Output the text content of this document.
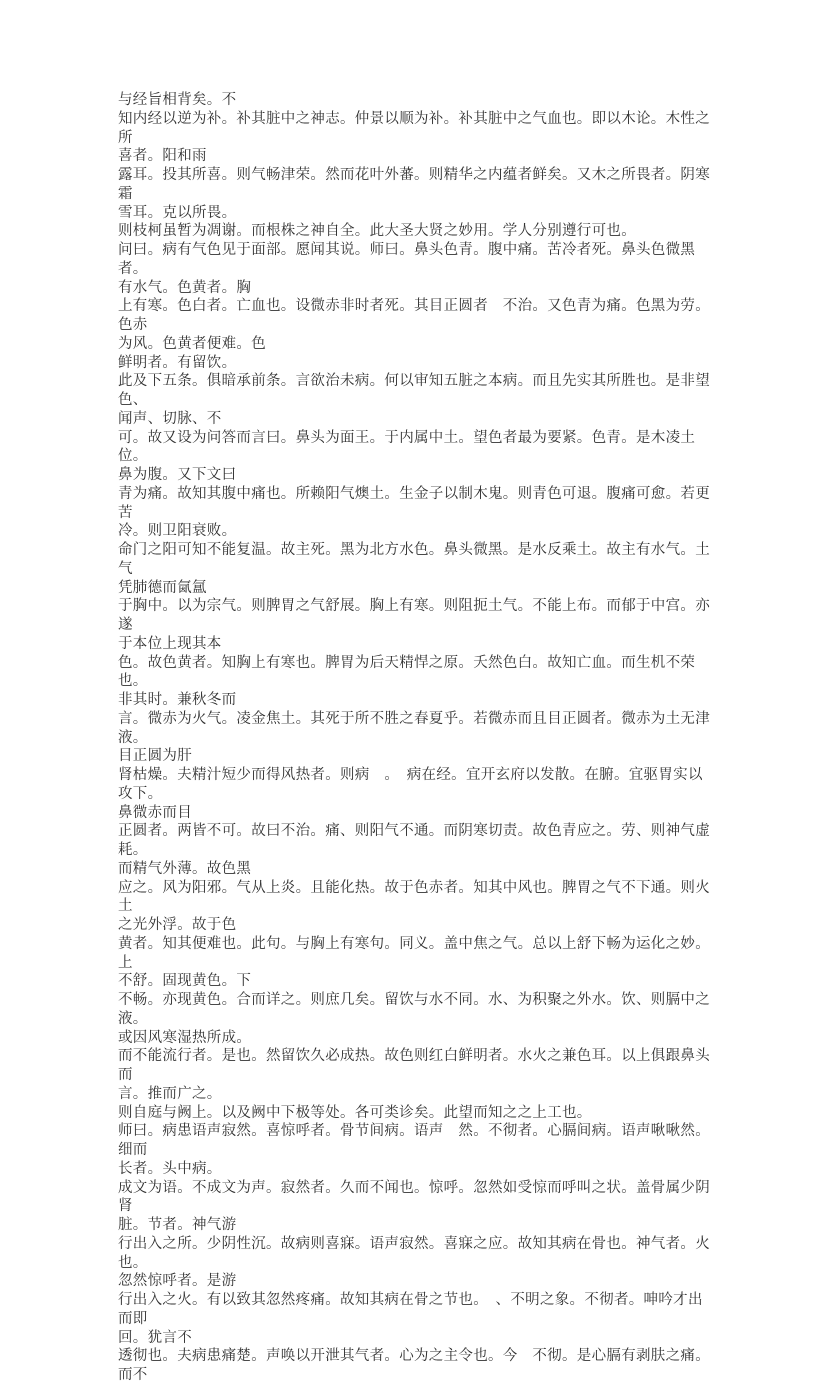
与经旨相背矣。不
知内经以逆为补。补其脏中之神志。仲景以顺为补。补其脏中之气血也。即以木论。木性之所
喜者。阳和雨
露耳。投其所喜。则气畅津荣。然而花叶外蕃。则精华之内蕴者鲜矣。又木之所畏者。阴寒霜
雪耳。克以所畏。
则枝柯虽暂为凋谢。而根株之神自全。此大圣大贤之妙用。学人分别遵行可也。
问曰。病有气色见于面部。愿闻其说。师曰。鼻头色青。腹中痛。苦冷者死。鼻头色微黑者。
有水气。色黄者。胸
上有寒。色白者。亡血也。设微赤非时者死。其目正圆者　不治。又色青为痛。色黑为劳。色赤
为风。色黄者便难。色
鲜明者。有留饮。
此及下五条。俱暗承前条。言欲治未病。何以审知五脏之本病。而且先实其所胜也。是非望色、
闻声、切脉、不
可。故又设为问答而言曰。鼻头为面王。于内属中土。望色者最为要紧。色青。是木凌土位。
鼻为腹。又下文曰
青为痛。故知其腹中痛也。所赖阳气燠土。生金子以制木鬼。则青色可退。腹痛可愈。若更苦
冷。则卫阳衰败。
命门之阳可知不能复温。故主死。黑为北方水色。鼻头微黑。是水反乘土。故主有水气。土气
凭肺德而氤氲
于胸中。以为宗气。则脾胃之气舒展。胸上有寒。则阻扼土气。不能上布。而郁于中宫。亦遂
于本位上现其本
色。故色黄者。知胸上有寒也。脾胃为后天精悍之原。夭然色白。故知亡血。而生机不荣也。
非其时。兼秋冬而
言。微赤为火气。凌金焦土。其死于所不胜之春夏乎。若微赤而且目正圆者。微赤为土无津液。
目正圆为肝
肾枯燥。夫精汁短少而得风热者。则病　。　病在经。宜开玄府以发散。在腑。宜驱胃实以攻下。
鼻微赤而目
正圆者。两皆不可。故曰不治。痛、则阳气不通。而阴寒切责。故色青应之。劳、则神气虚耗。
而精气外薄。故色黑
应之。风为阳邪。气从上炎。且能化热。故于色赤者。知其中风也。脾胃之气不下通。则火土
之光外浮。故于色
黄者。知其便难也。此句。与胸上有寒句。同义。盖中焦之气。总以上舒下畅为运化之妙。上
不舒。固现黄色。下
不畅。亦现黄色。合而详之。则庶几矣。留饮与水不同。水、为积聚之外水。饮、则膈中之液。
或因风寒湿热所成。
而不能流行者。是也。然留饮久必成热。故色则红白鲜明者。水火之兼色耳。以上俱跟鼻头而
言。推而广之。
则自庭与阙上。以及阙中下极等处。各可类诊矣。此望而知之之上工也。
师曰。病患语声寂然。喜惊呼者。骨节间病。语声　然。不彻者。心膈间病。语声啾啾然。细而
长者。头中病。
成文为语。不成文为声。寂然者。久而不闻也。惊呼。忽然如受惊而呼叫之状。盖骨属少阴肾
脏。节者。神气游
行出入之所。少阴性沉。故病则喜寐。语声寂然。喜寐之应。故知其病在骨也。神气者。火也。
忽然惊呼者。是游
行出入之火。有以致其忽然疼痛。故知其病在骨之节也。　、不明之象。不彻者。呻吟才出而即
回。犹言不
透彻也。夫病患痛楚。声唤以开泄其气者。心为之主令也。今　不彻。是心膈有剥肤之痛。而不
